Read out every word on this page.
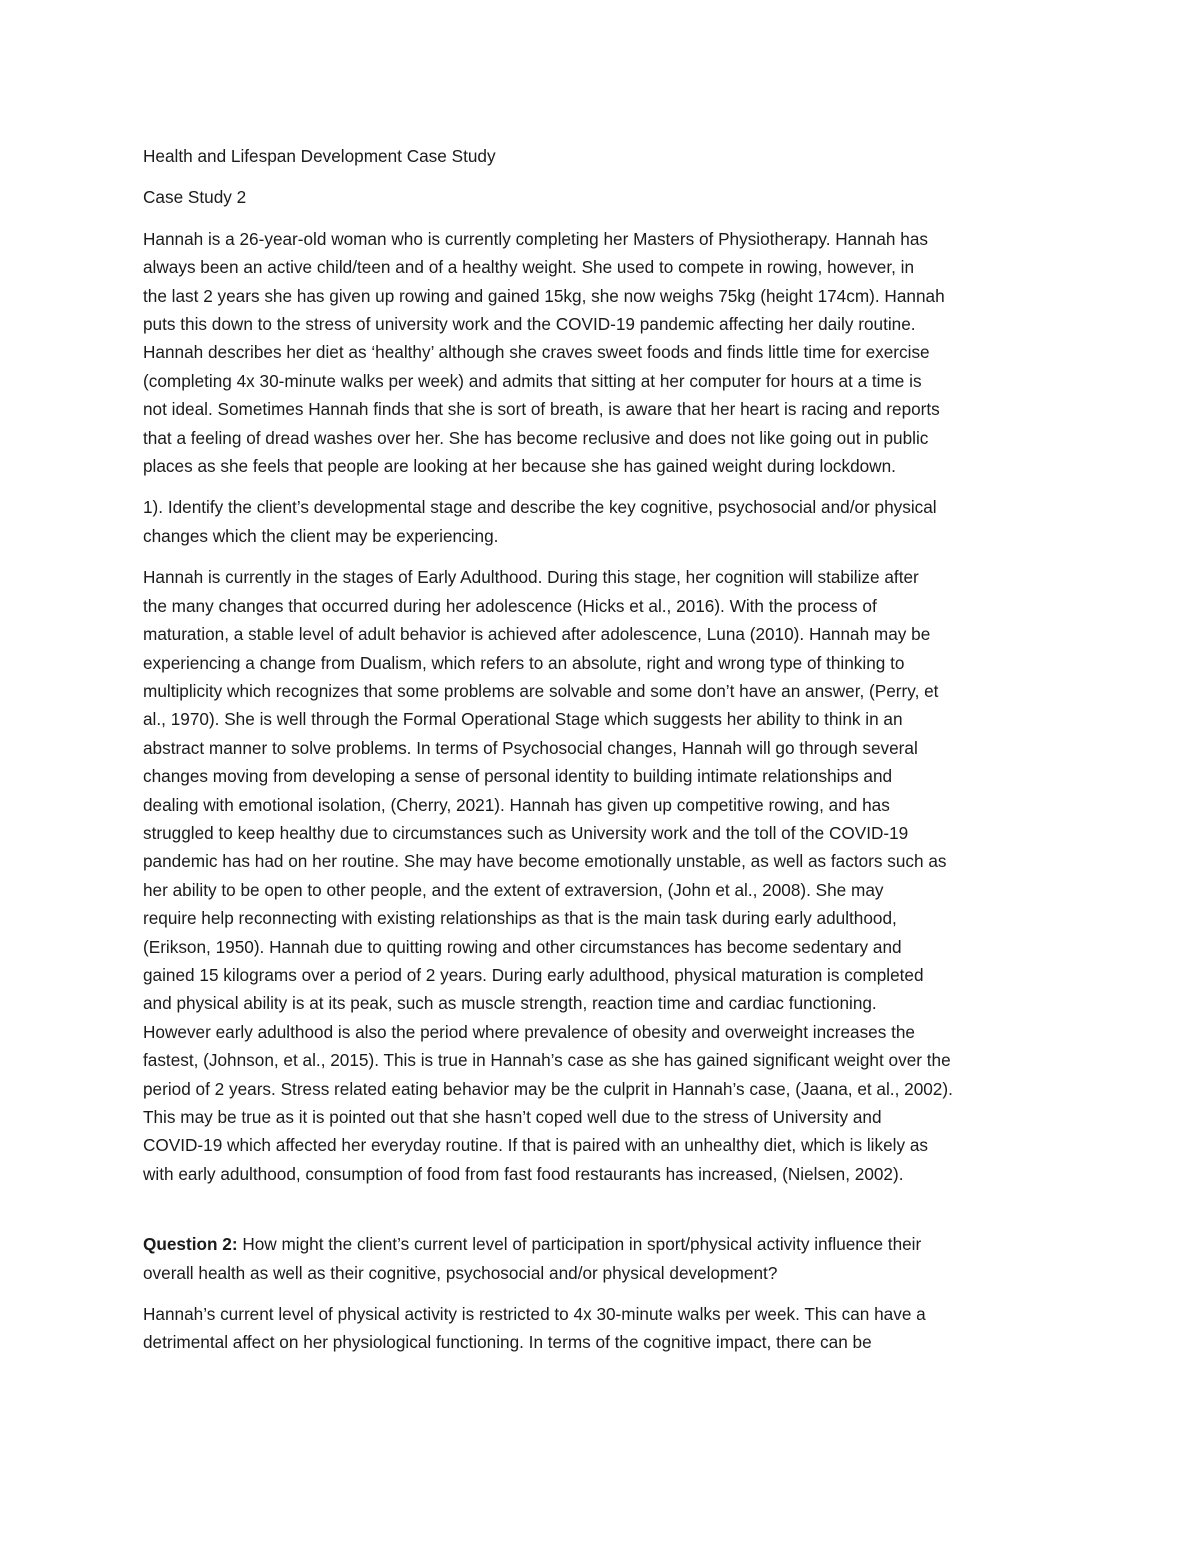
Health and Lifespan Development Case Study

Case Study 2

Hannah is a 26-year-old woman who is currently completing her Masters of Physiotherapy. Hannah has

always been an active child/teen and of a healthy weight. She used to compete in rowing, however, in

the last 2 years she has given up rowing and gained 15kg, she now weighs 75kg (height 174cm). Hannah

puts this down to the stress of university work and the COVID-19 pandemic affecting her daily routine.

Hannah describes her diet as ‘healthy’ although she craves sweet foods and finds little time for exercise

(completing 4x 30-minute walks per week) and admits that sitting at her computer for hours at a time is

not ideal. Sometimes Hannah finds that she is sort of breath, is aware that her heart is racing and reports

that a feeling of dread washes over her. She has become reclusive and does not like going out in public

places as she feels that people are looking at her because she has gained weight during lockdown.

1). Identify the client’s developmental stage and describe the key cognitive, psychosocial and/or physical

changes which the client may be experiencing.

Hannah is currently in the stages of Early Adulthood. During this stage, her cognition will stabilize after

the many changes that occurred during her adolescence (Hicks et al., 2016). With the process of

maturation, a stable level of adult behavior is achieved after adolescence, Luna (2010). Hannah may be

experiencing a change from Dualism, which refers to an absolute, right and wrong type of thinking to

multiplicity which recognizes that some problems are solvable and some don’t have an answer, (Perry, et

al., 1970). She is well through the Formal Operational Stage which suggests her ability to think in an

abstract manner to solve problems. In terms of Psychosocial changes, Hannah will go through several

changes moving from developing a sense of personal identity to building intimate relationships and

dealing with emotional isolation, (Cherry, 2021). Hannah has given up competitive rowing, and has

struggled to keep healthy due to circumstances such as University work and the toll of the COVID-19

pandemic has had on her routine. She may have become emotionally unstable, as well as factors such as

her ability to be open to other people, and the extent of extraversion, (John et al., 2008). She may

require help reconnecting with existing relationships as that is the main task during early adulthood,

(Erikson, 1950). Hannah due to quitting rowing and other circumstances has become sedentary and

gained 15 kilograms over a period of 2 years. During early adulthood, physical maturation is completed

and physical ability is at its peak, such as muscle strength, reaction time and cardiac functioning.

However early adulthood is also the period where prevalence of obesity and overweight increases the

fastest, (Johnson, et al., 2015). This is true in Hannah’s case as she has gained significant weight over the

period of 2 years. Stress related eating behavior may be the culprit in Hannah’s case, (Jaana, et al., 2002).

This may be true as it is pointed out that she hasn’t coped well due to the stress of University and

COVID-19 which affected her everyday routine. If that is paired with an unhealthy diet, which is likely as

with early adulthood, consumption of food from fast food restaurants has increased, (Nielsen, 2002).

Question 2: How might the client’s current level of participation in sport/physical activity influence their

overall health as well as their cognitive, psychosocial and/or physical development?

Hannah’s current level of physical activity is restricted to 4x 30-minute walks per week. This can have a

detrimental affect on her physiological functioning. In terms of the cognitive impact, there can be
